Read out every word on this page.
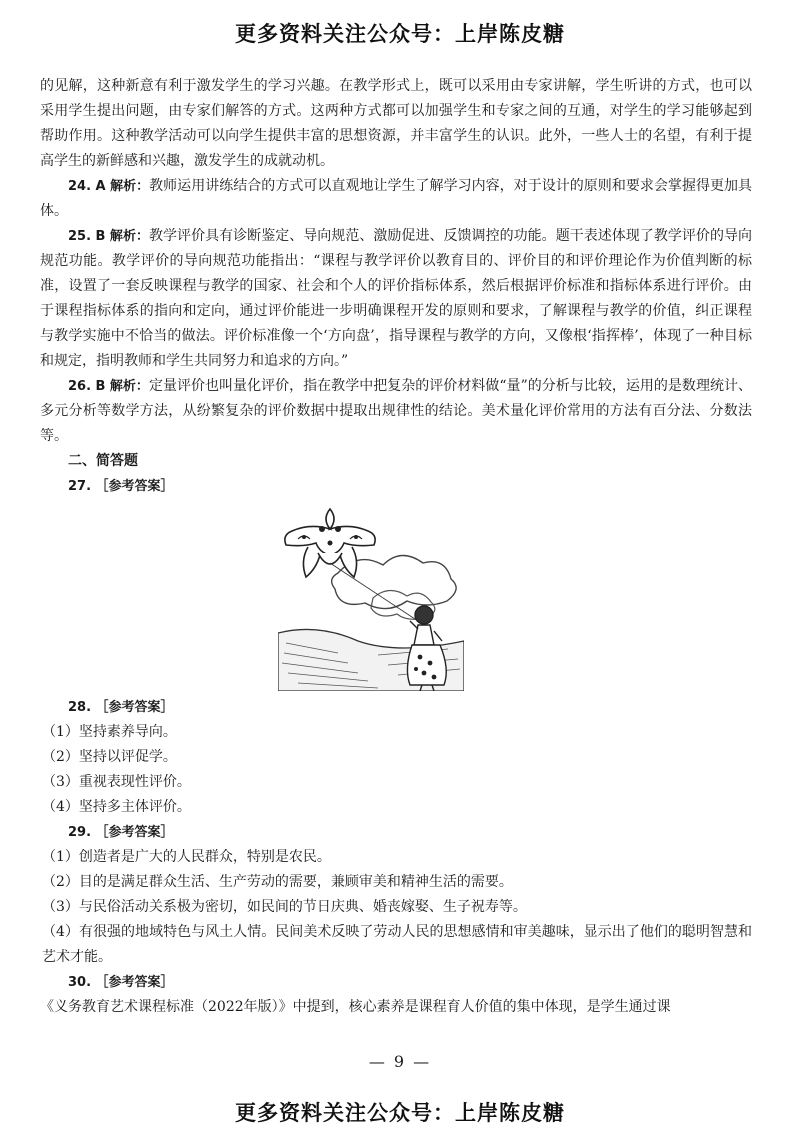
更多资料关注公众号：上岸陈皮糖

的见解，这种新意有利于激发学生的学习兴趣。在教学形式上，既可以采用由专家讲解，学生听讲的方式，也可以采用学生提出问题，由专家们解答的方式。这两种方式都可以加强学生和专家之间的互通，对学生的学习能够起到帮助作用。这种教学活动可以向学生提供丰富的思想资源，并丰富学生的认识。此外，一些人士的名望，有利于提高学生的新鲜感和兴趣，激发学生的成就动机。

24. A 解析：教师运用讲练结合的方式可以直观地让学生了解学习内容，对于设计的原则和要求会掌握得更加具体。

25. B 解析：教学评价具有诊断鉴定、导向规范、激励促进、反馈调控的功能。题干表述体现了教学评价的导向规范功能。教学评价的导向规范功能指出：“课程与教学评价以教育目的、评价目的和评价理论作为价值判断的标准，设置了一套反映课程与教学的国家、社会和个人的评价指标体系，然后根据评价标准和指标体系进行评价。由于课程指标体系的指向和定向，通过评价能进一步明确课程开发的原则和要求，了解课程与教学的价值，纠正课程与教学实施中不恰当的做法。评价标准像一个‘方向盘’，指导课程与教学的方向，又像根‘指挥棒’，体现了一种目标和规定，指明教师和学生共同努力和追求的方向。”

26. B 解析：定量评价也叫量化评价，指在教学中把复杂的评价材料做“量”的分析与比较，运用的是数理统计、多元分析等数学方法，从纷繁复杂的评价数据中提取出规律性的结论。美术量化评价常用的方法有百分法、分数法等。

二、简答题

27. ［参考答案］

28. ［参考答案］

（1）坚持素养导向。

（2）坚持以评促学。

（3）重视表现性评价。

（4）坚持多主体评价。

29. ［参考答案］

（1）创造者是广大的人民群众，特别是农民。

（2）目的是满足群众生活、生产劳动的需要，兼顾审美和精神生活的需要。

（3）与民俗活动关系极为密切，如民间的节日庆典、婚丧嫁娶、生子祝寿等。

（4）有很强的地域特色与风土人情。民间美术反映了劳动人民的思想感情和审美趣味，显示出了他们的聪明智慧和艺术才能。

30. ［参考答案］

《义务教育艺术课程标准（2022年版）》中提到，核心素养是课程育人价值的集中体现，是学生通过课

— 9 —
更多资料关注公众号：上岸陈皮糖
